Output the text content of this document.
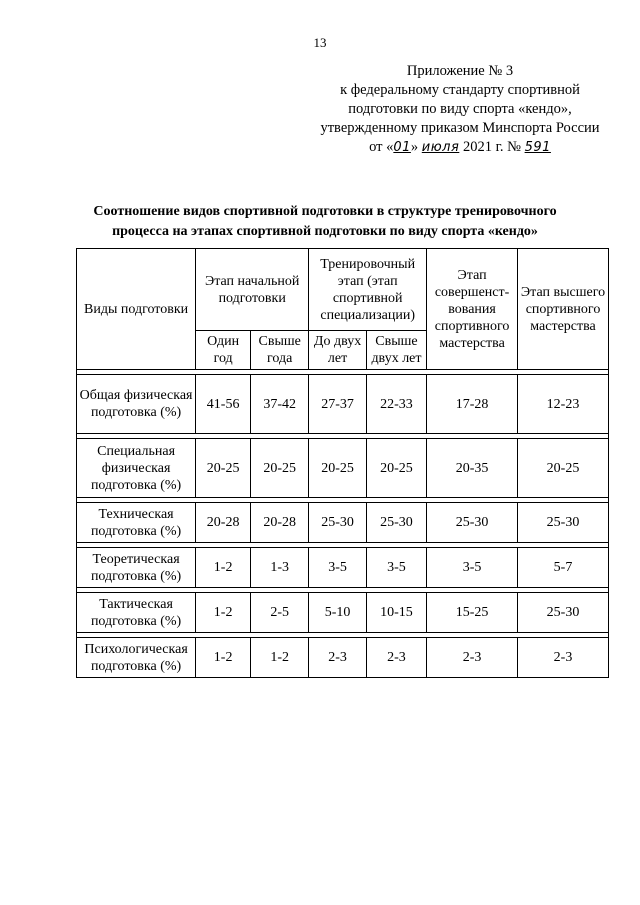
13
Приложение № 3
к федеральному стандарту спортивной
подготовки по виду спорта «кендо»,
утвержденному приказом Минспорта России
от «01» июля 2021 г. № 591
Соотношение видов спортивной подготовки в структуре тренировочного
процесса на этапах спортивной подготовки по виду спорта «кендо»
Виды подготовки	Этап начальной подготовки		Тренировочный этап (этап спортивной специализации)		Этап совершенст-вования спортивного мастерства	Этап высшего спортивного мастерства
	Один год	Свыше года	До двух лет	Свыше двух лет		

Общая физическая подготовка (%)	41-56	37-42	27-37	22-33	17-28	12-23

Специальная физическая подготовка (%)	20-25	20-25	20-25	20-25	20-35	20-25

Техническая подготовка (%)	20-28	20-28	25-30	25-30	25-30	25-30

Теоретическая подготовка (%)	1-2	1-3	3-5	3-5	3-5	5-7

Тактическая подготовка (%)	1-2	2-5	5-10	10-15	15-25	25-30

Психологическая подготовка (%)	1-2	1-2	2-3	2-3	2-3	2-3
